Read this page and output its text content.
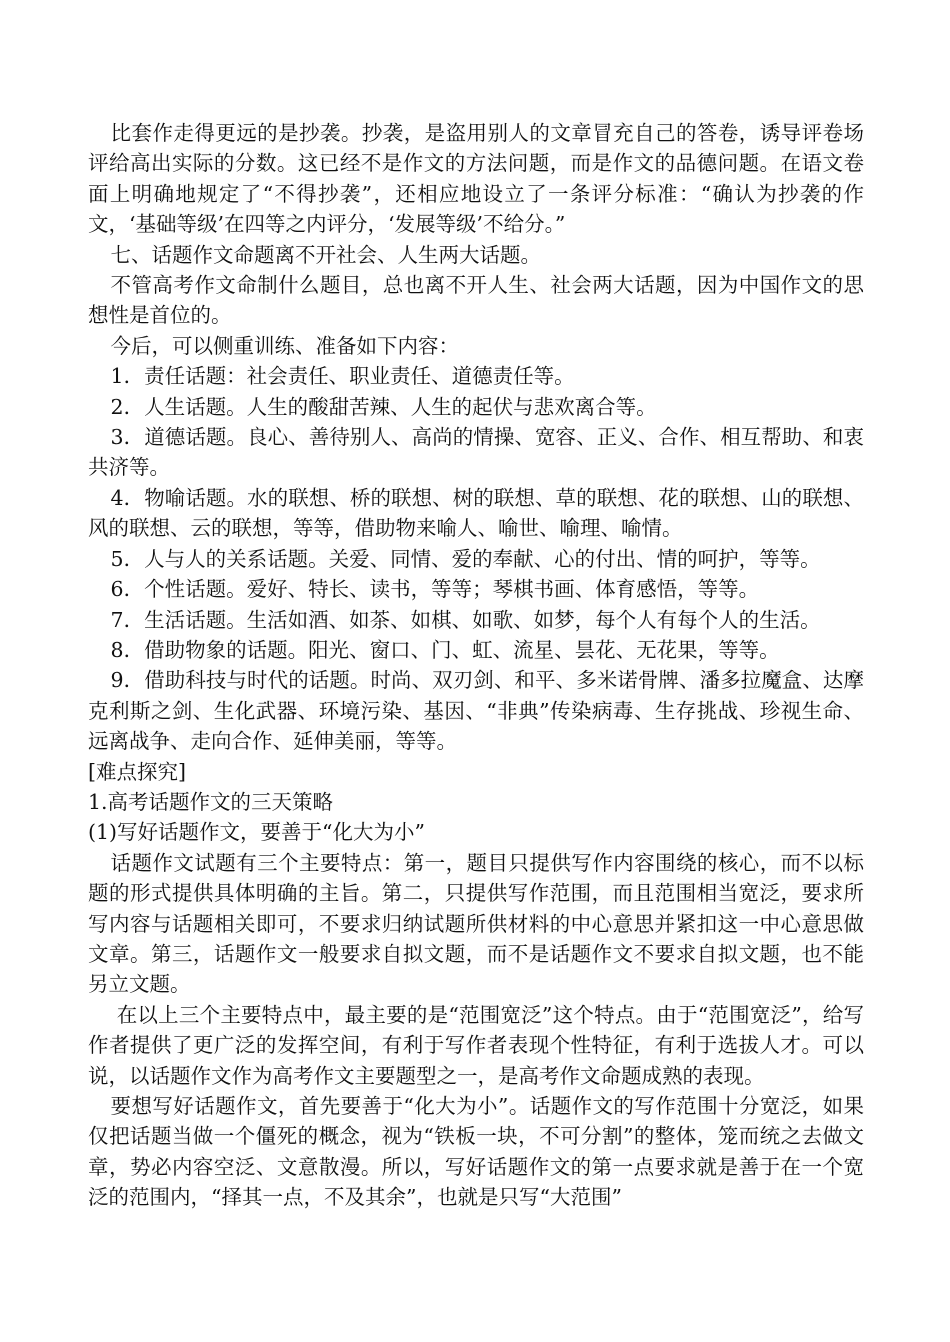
比套作走得更远的是抄袭。抄袭，是盗用别人的文章冒充自己的答卷，诱导评卷场评给高出实际的分数。这已经不是作文的方法问题，而是作文的品德问题。在语文卷面上明确地规定了“不得抄袭”，还相应地设立了一条评分标准：“确认为抄袭的作文，‘基础等级’在四等之内评分，‘发展等级’不给分。”

七、话题作文命题离不开社会、人生两大话题。

不管高考作文命制什么题目，总也离不开人生、社会两大话题，因为中国作文的思想性是首位的。

今后，可以侧重训练、准备如下内容：

1．责任话题：社会责任、职业责任、道德责任等。

2．人生话题。人生的酸甜苦辣、人生的起伏与悲欢离合等。

3．道德话题。良心、善待别人、高尚的情操、宽容、正义、合作、相互帮助、和衷共济等。

4．物喻话题。水的联想、桥的联想、树的联想、草的联想、花的联想、山的联想、风的联想、云的联想，等等，借助物来喻人、喻世、喻理、喻情。

5．人与人的关系话题。关爱、同情、爱的奉献、心的付出、情的呵护，等等。

6．个性话题。爱好、特长、读书，等等；琴棋书画、体育感悟，等等。

7．生活话题。生活如酒、如茶、如棋、如歌、如梦，每个人有每个人的生活。

8．借助物象的话题。阳光、窗口、门、虹、流星、昙花、无花果，等等。

9．借助科技与时代的话题。时尚、双刃剑、和平、多米诺骨牌、潘多拉魔盒、达摩克利斯之剑、生化武器、环境污染、基因、“非典”传染病毒、生存挑战、珍视生命、远离战争、走向合作、延伸美丽，等等。

[难点探究]

1.高考话题作文的三天策略

(1)写好话题作文，要善于“化大为小”

话题作文试题有三个主要特点：第一，题目只提供写作内容围绕的核心，而不以标题的形式提供具体明确的主旨。第二，只提供写作范围，而且范围相当宽泛，要求所写内容与话题相关即可，不要求归纳试题所供材料的中心意思并紧扣这一中心意思做文章。第三，话题作文一般要求自拟文题，而不是话题作文不要求自拟文题，也不能另立文题。

在以上三个主要特点中，最主要的是“范围宽泛”这个特点。由于“范围宽泛”，给写作者提供了更广泛的发挥空间，有利于写作者表现个性特征，有利于选拔人才。可以说，以话题作文作为高考作文主要题型之一，是高考作文命题成熟的表现。

要想写好话题作文，首先要善于“化大为小”。话题作文的写作范围十分宽泛，如果仅把话题当做一个僵死的概念，视为“铁板一块，不可分割”的整体，笼而统之去做文章，势必内容空泛、文意散漫。所以，写好话题作文的第一点要求就是善于在一个宽泛的范围内，“择其一点，不及其余”，也就是只写“大范围”
